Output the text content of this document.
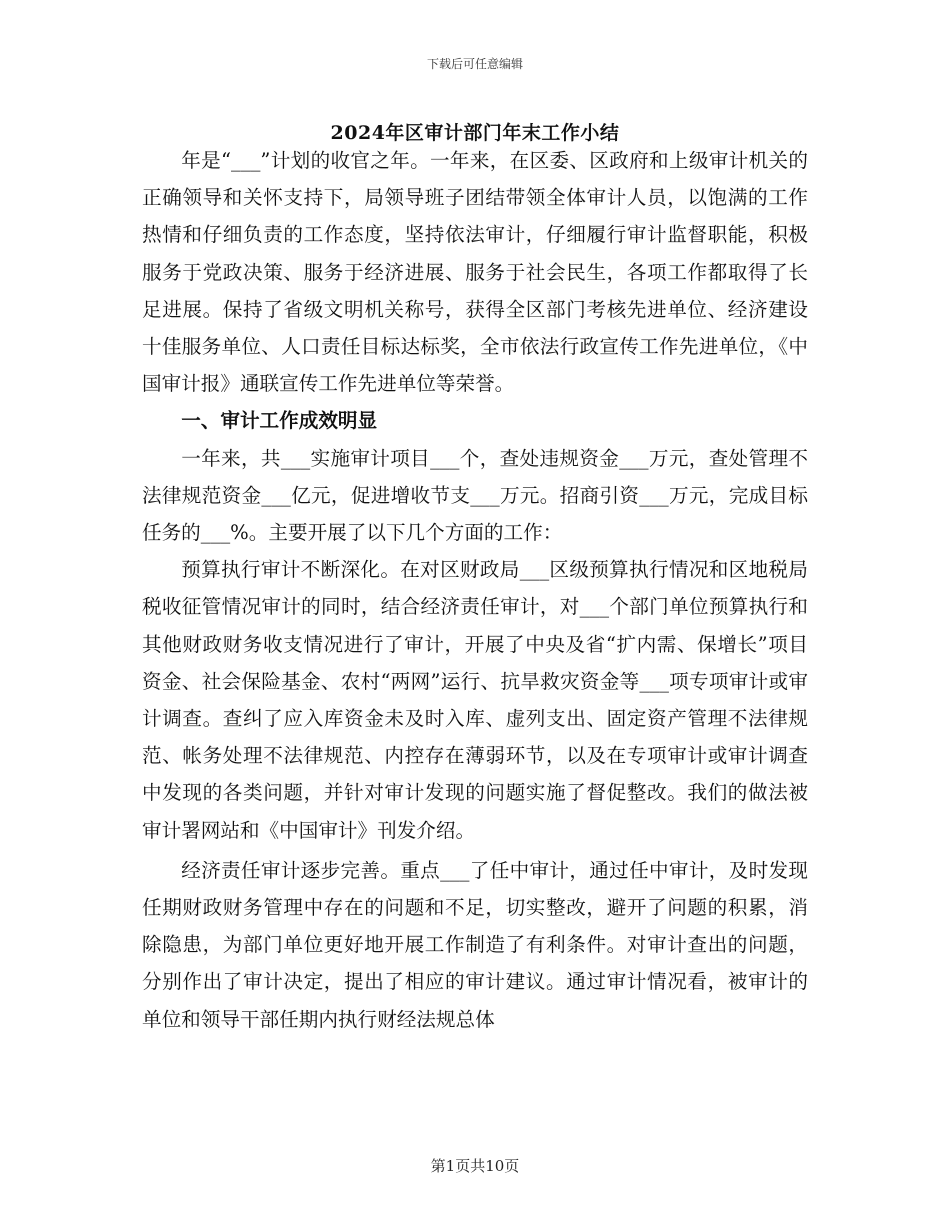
下载后可任意编辑
2024年区审计部门年末工作小结

年是“___”计划的收官之年。一年来，在区委、区政府和上级审计机关的正确领导和关怀支持下，局领导班子团结带领全体审计人员，以饱满的工作热情和仔细负责的工作态度，坚持依法审计，仔细履行审计监督职能，积极服务于党政决策、服务于经济进展、服务于社会民生，各项工作都取得了长足进展。保持了省级文明机关称号，获得全区部门考核先进单位、经济建设十佳服务单位、人口责任目标达标奖，全市依法行政宣传工作先进单位，《中国审计报》通联宣传工作先进单位等荣誉。

一、审计工作成效明显

一年来，共___实施审计项目___个，查处违规资金___万元，查处管理不法律规范资金___亿元，促进增收节支___万元。招商引资___万元，完成目标任务的___%。主要开展了以下几个方面的工作：

预算执行审计不断深化。在对区财政局___区级预算执行情况和区地税局税收征管情况审计的同时，结合经济责任审计，对___个部门单位预算执行和其他财政财务收支情况进行了审计，开展了中央及省“扩内需、保增长”项目资金、社会保险基金、农村“两网”运行、抗旱救灾资金等___项专项审计或审计调查。查纠了应入库资金未及时入库、虚列支出、固定资产管理不法律规范、帐务处理不法律规范、内控存在薄弱环节，以及在专项审计或审计调查中发现的各类问题，并针对审计发现的问题实施了督促整改。我们的做法被审计署网站和《中国审计》刊发介绍。

经济责任审计逐步完善。重点___了任中审计，通过任中审计，及时发现任期财政财务管理中存在的问题和不足，切实整改，避开了问题的积累，消除隐患，为部门单位更好地开展工作制造了有利条件。对审计查出的问题，分别作出了审计决定，提出了相应的审计建议。通过审计情况看，被审计的单位和领导干部任期内执行财经法规总体

第1页共10页
